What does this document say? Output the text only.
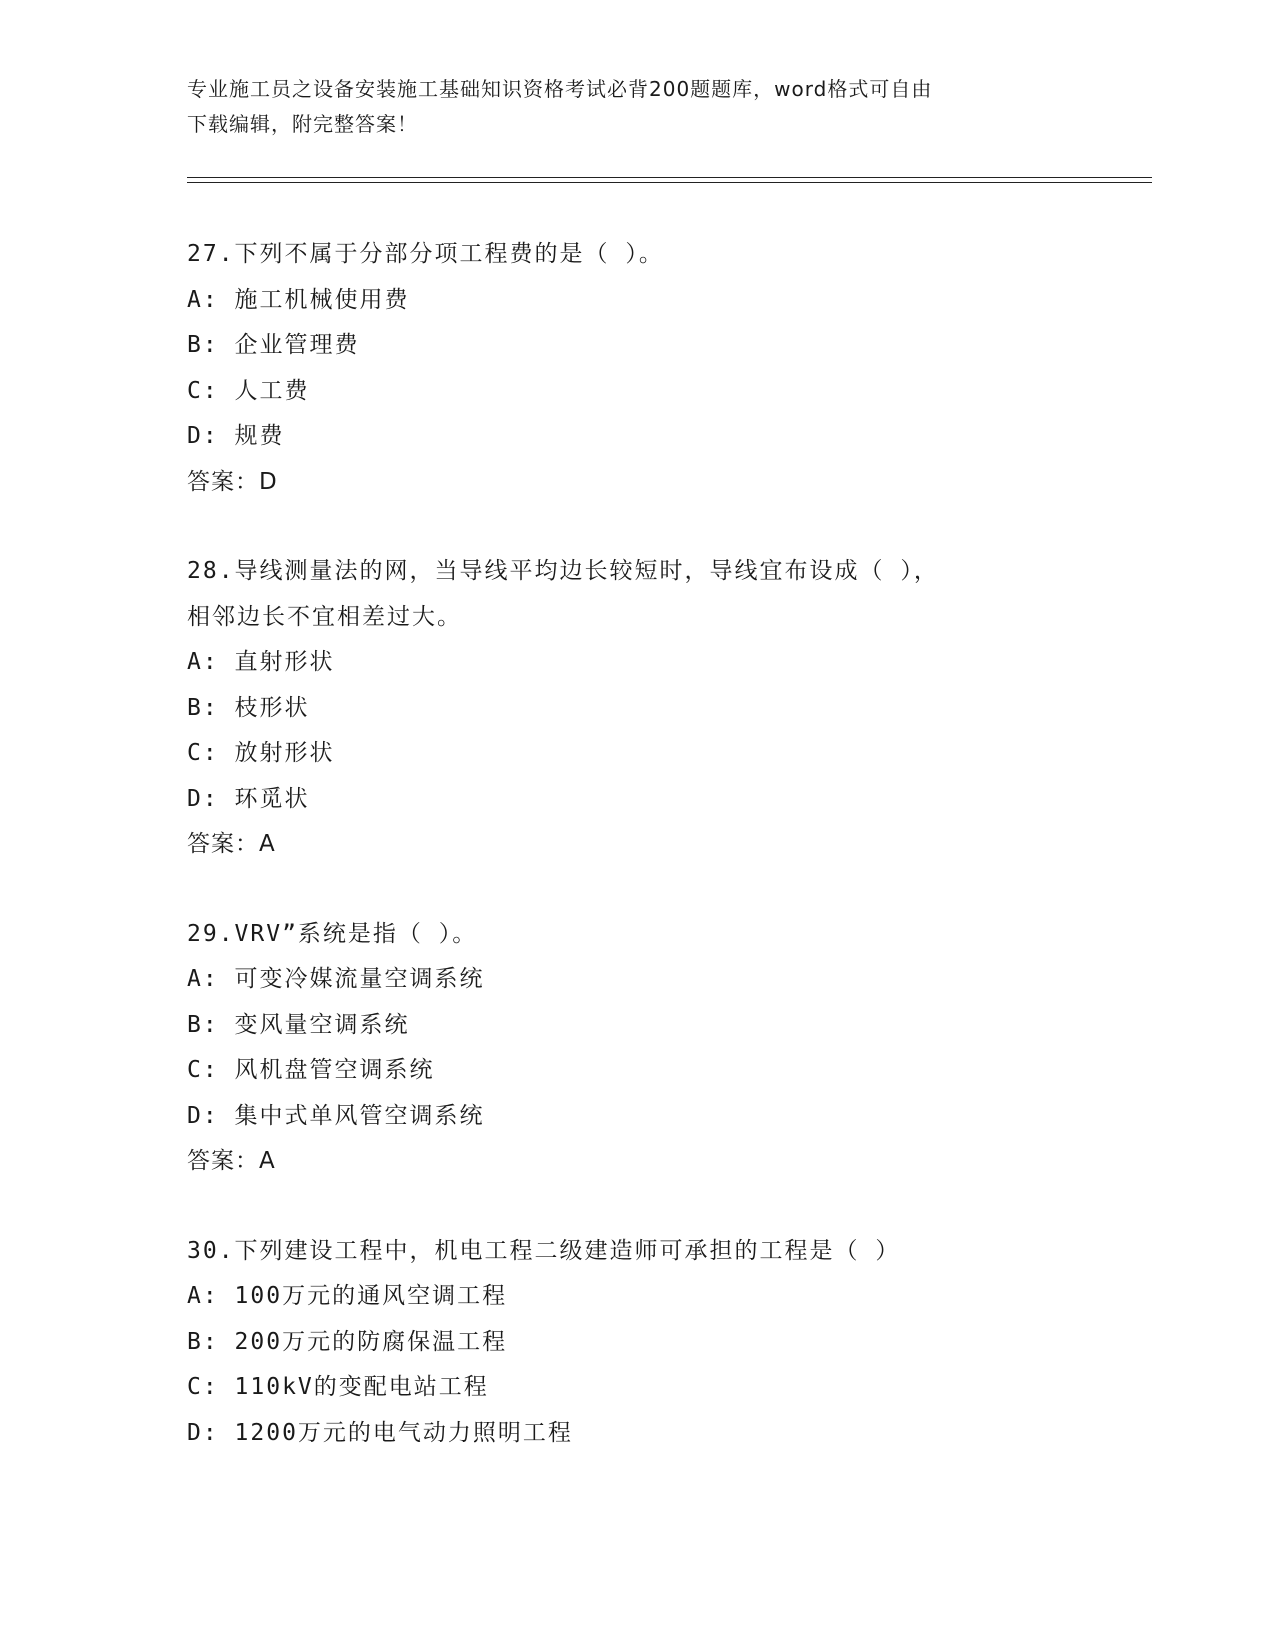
专业施工员之设备安装施工基础知识资格考试必背200题题库，word格式可自由
下载编辑，附完整答案！

27.下列不属于分部分项工程费的是（ ）。

A: 施工机械使用费

B: 企业管理费

C: 人工费

D: 规费

答案：D

28.导线测量法的网，当导线平均边长较短时，导线宜布设成（ ），

相邻边长不宜相差过大。

A: 直射形状

B: 枝形状

C: 放射形状

D: 环觅状

答案：A

29.VRV”系统是指（ ）。

A: 可变冷媒流量空调系统

B: 变风量空调系统

C: 风机盘管空调系统

D: 集中式单风管空调系统

答案：A

30.下列建设工程中，机电工程二级建造师可承担的工程是（ ）

A: 100万元的通风空调工程

B: 200万元的防腐保温工程

C: 110kV的变配电站工程

D: 1200万元的电气动力照明工程
